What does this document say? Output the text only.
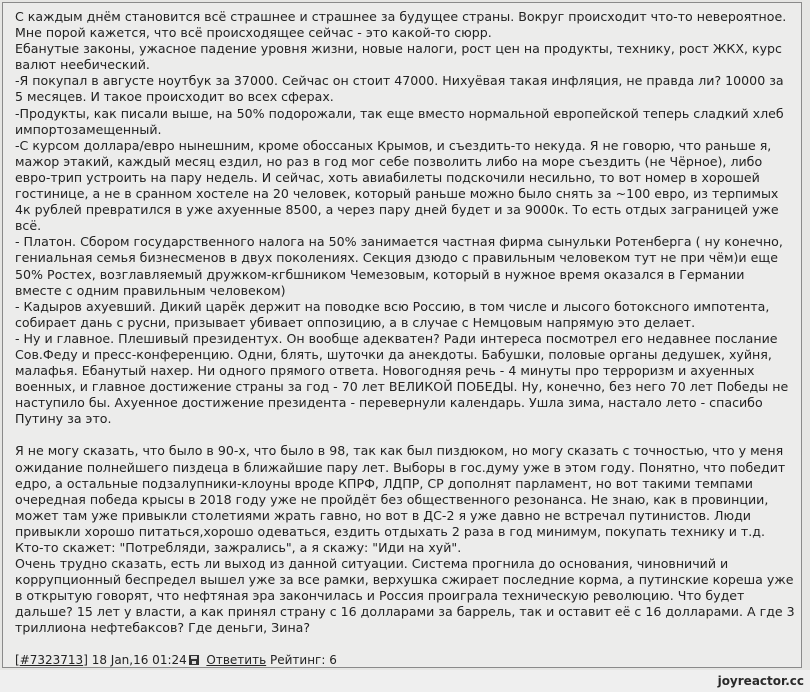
С каждым днём становится всё страшнее и страшнее за будущее страны. Вокруг происходит что-то невероятное. Мне порой кажется, что всё происходящее сейчас - это какой-то сюрр.

Ебанутые законы, ужасное падение уровня жизни, новые налоги, рост цен на продукты, технику, рост ЖКХ, курс валют неебический.

-Я покупал в августе ноутбук за 37000. Сейчас он стоит 47000. Нихуёвая такая инфляция, не правда ли? 10000 за 5 месяцев. И такое происходит во всех сферах.

-Продукты, как писали выше, на 50% подорожали, так еще вместо нормальной европейской теперь сладкий хлеб импортозамещенный.

-С курсом доллара/евро нынешним, кроме обоссаных Крымов, и съездить-то некуда. Я не говорю, что раньше я, мажор этакий, каждый месяц ездил, но раз в год мог себе позволить либо на море съездить (не Чёрное), либо евро-трип устроить на пару недель. И сейчас, хоть авиабилеты подскочили несильно, то вот номер в хорошей гостинице, а не в сранном хостеле на 20 человек, который раньше можно было снять за ~100 евро, из терпимых 4к рублей превратился в уже ахуенные 8500, а через пару дней будет и за 9000к. То есть отдых заграницей уже всё.

- Платон. Сбором государственного налога на 50% занимается частная фирма сынульки Ротенберга ( ну конечно, гениальная семья бизнесменов в двух поколениях. Секция дзюдо с правильным человеком тут не при чём)и еще 50% Ростех, возглавляемый дружком-кгбшником Чемезовым, который в нужное время оказался в Германии вместе с одним правильным человеком)

- Кадыров ахуевший. Дикий царёк держит на поводке всю Россию, в том числе и лысого ботоксного импотента, собирает дань с русни, призывает убивает оппозицию, а в случае с Немцовым напрямую это делает.

- Ну и главное. Плешивый президентух. Он вообще адекватен? Ради интереса посмотрел его недавнее послание Сов.Феду и пресс-конференцию. Одни, блять, шуточки да анекдоты. Бабушки, половые органы дедушек, хуйня, малафья. Ебанутый нахер. Ни одного прямого ответа. Новогодняя речь - 4 минуты про терроризм и ахуенных военных, и главное достижение страны за год - 70 лет ВЕЛИКОЙ ПОБЕДЫ. Ну, конечно, без него 70 лет Победы не наступило бы. Ахуенное достижение президента - перевернули календарь. Ушла зима, настало лето - спасибо Путину за это.

Я не могу сказать, что было в 90-х, что было в 98, так как был пиздюком, но могу сказать с точностью, что у меня ожидание полнейшего пиздеца в ближайшие пару лет. Выборы в гос.думу уже в этом году. Понятно, что победит едро, а остальные подзалупники-клоуны вроде КПРФ, ЛДПР, СР дополнят парламент, но вот такими темпами очередная победа крысы в 2018 году уже не пройдёт без общественного резонанса. Не знаю, как в провинции, может там уже привыкли столетиями жрать гавно, но вот в ДС-2 я уже давно не встречал путинистов. Люди привыкли хорошо питаться,хорошо одеваться, ездить отдыхать 2 раза в год минимум, покупать технику и т.д. Кто-то скажет: "Потребляди, зажрались", а я скажу: "Иди на хуй".

Очень трудно сказать, есть ли выход из данной ситуации. Система прогнила до основания, чиновничий и коррупционный беспредел вышел уже за все рамки, верхушка сжирает последние корма, а путинские кореша уже в открытую говорят, что нефтяная эра закончилась и Россия проиграла техническую революцию. Что будет дальше? 15 лет у власти, а как принял страну с 16 долларами за баррель, так и оставит её с 16 долларами. А где 3 триллиона нефтебаксов? Где деньги, Зина?

[#7323713] 18 Jan,16 01:24 Ответить Рейтинг: 6
joyreactor.cc
